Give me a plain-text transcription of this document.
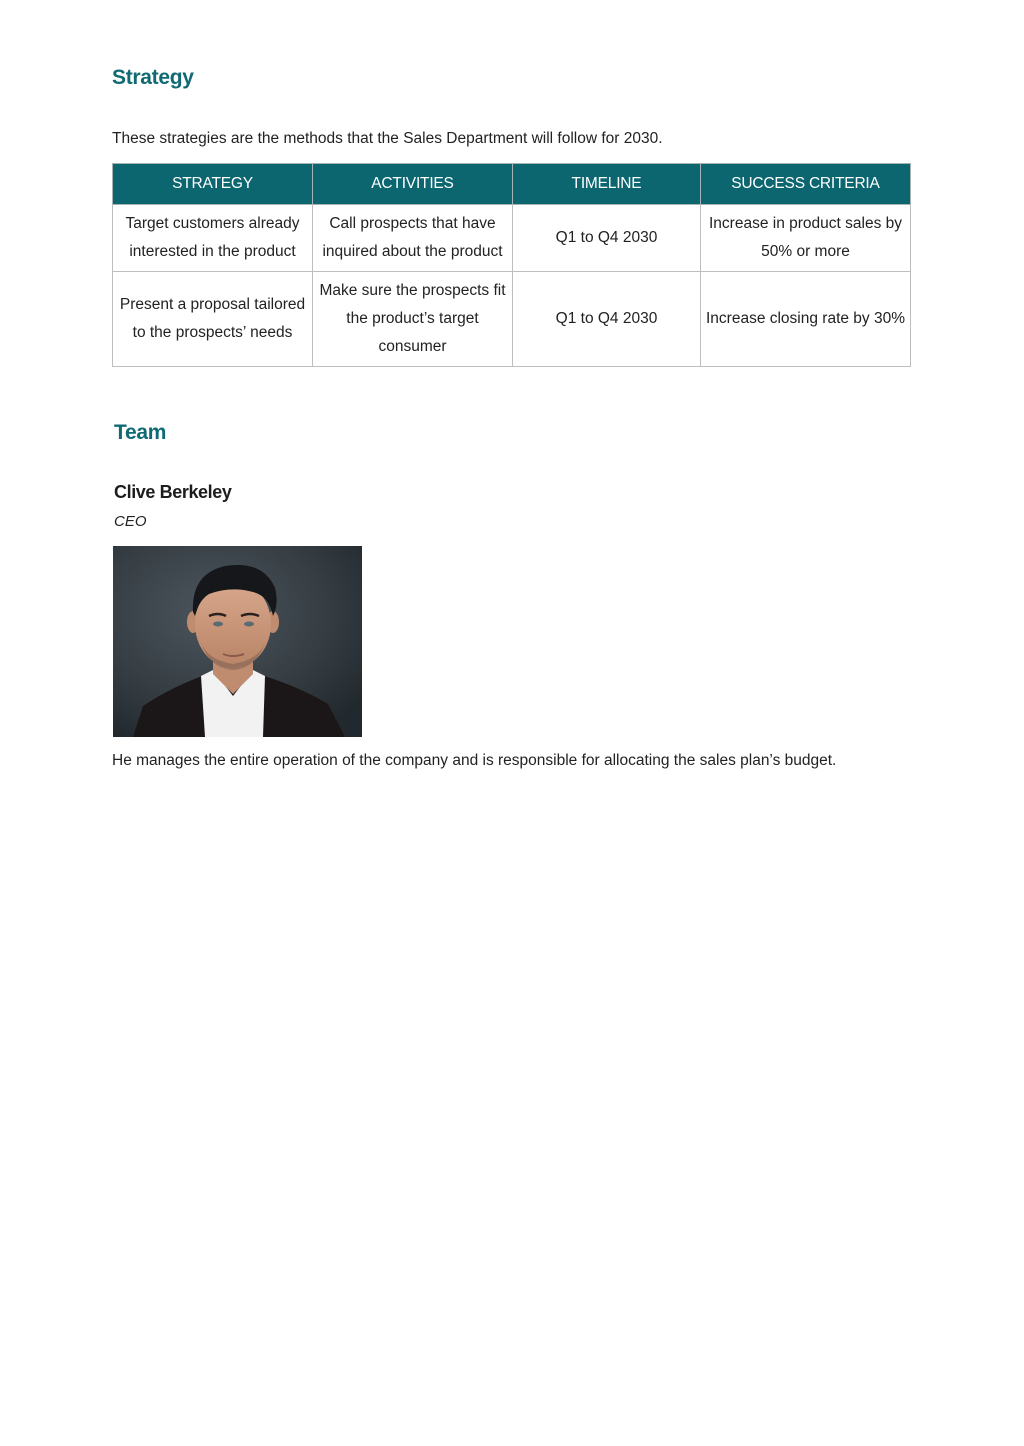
Strategy

These strategies are the methods that the Sales Department will follow for 2030.

STRATEGY	ACTIVITIES	TIMELINE	SUCCESS CRITERIA
Target customers already interested in the product	Call prospects that have inquired about the product	Q1 to Q4 2030	Increase in product sales by 50% or more
Present a proposal tailored to the prospects’ needs	Make sure the prospects fit the product’s target consumer	Q1 to Q4 2030	Increase closing rate by 30%
Team

Clive Berkeley

CEO

He manages the entire operation of the company and is responsible for allocating the sales plan’s budget.
